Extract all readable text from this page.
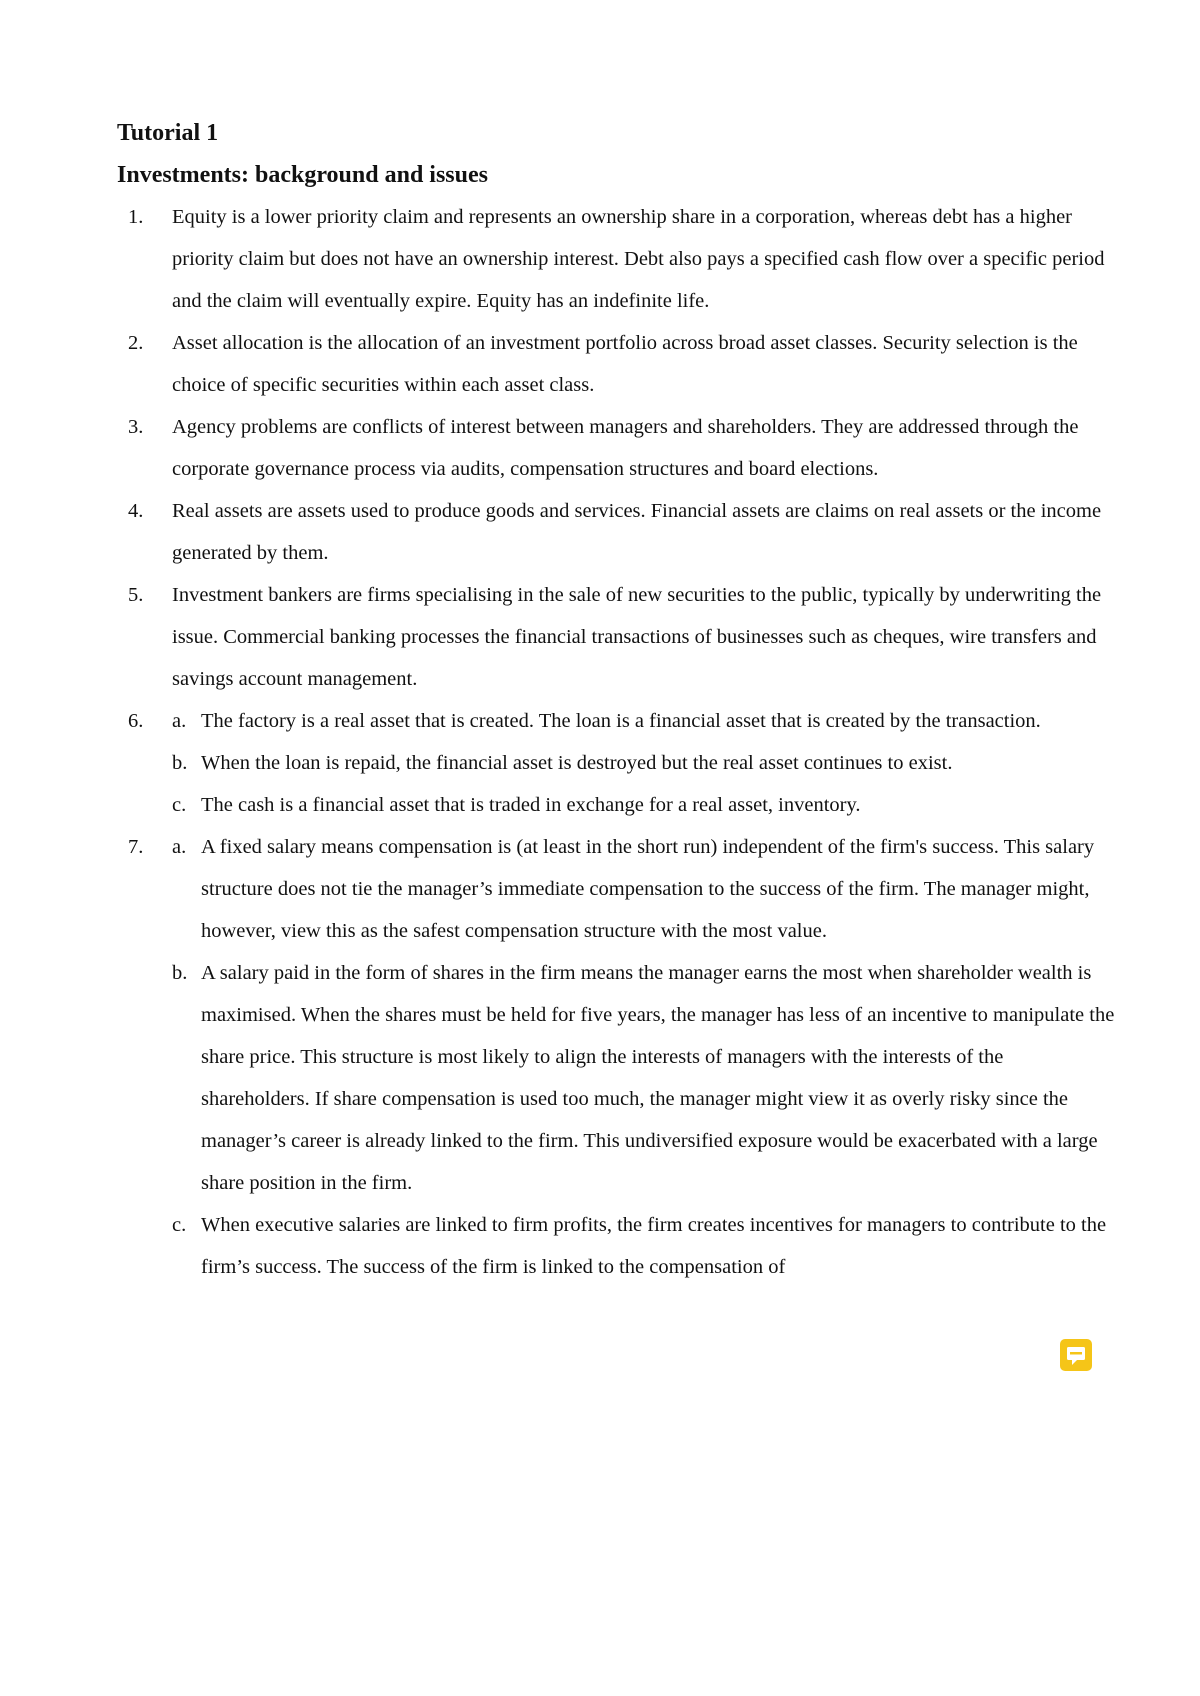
Tutorial 1
Investments: background and issues
1. Equity is a lower priority claim and represents an ownership share in a corporation, whereas debt has a higher priority claim but does not have an ownership interest. Debt also pays a specified cash flow over a specific period and the claim will eventually expire. Equity has an indefinite life.
2. Asset allocation is the allocation of an investment portfolio across broad asset classes. Security selection is the choice of specific securities within each asset class.
3. Agency problems are conflicts of interest between managers and shareholders. They are addressed through the corporate governance process via audits, compensation structures and board elections.
4. Real assets are assets used to produce goods and services. Financial assets are claims on real assets or the income generated by them.
5. Investment bankers are firms specialising in the sale of new securities to the public, typically by underwriting the issue. Commercial banking processes the financial transactions of businesses such as cheques, wire transfers and savings account management.
6. a. The factory is a real asset that is created. The loan is a financial asset that is created by the transaction.
b. When the loan is repaid, the financial asset is destroyed but the real asset continues to exist.
c. The cash is a financial asset that is traded in exchange for a real asset, inventory.
7. a. A fixed salary means compensation is (at least in the short run) independent of the firm's success. This salary structure does not tie the manager’s immediate compensation to the success of the firm. The manager might, however, view this as the safest compensation structure with the most value.
b. A salary paid in the form of shares in the firm means the manager earns the most when shareholder wealth is maximised. When the shares must be held for five years, the manager has less of an incentive to manipulate the share price. This structure is most likely to align the interests of managers with the interests of the shareholders. If share compensation is used too much, the manager might view it as overly risky since the manager’s career is already linked to the firm. This undiversified exposure would be exacerbated with a large share position in the firm.
c. When executive salaries are linked to firm profits, the firm creates incentives for managers to contribute to the firm’s success. The success of the firm is linked to the compensation of
